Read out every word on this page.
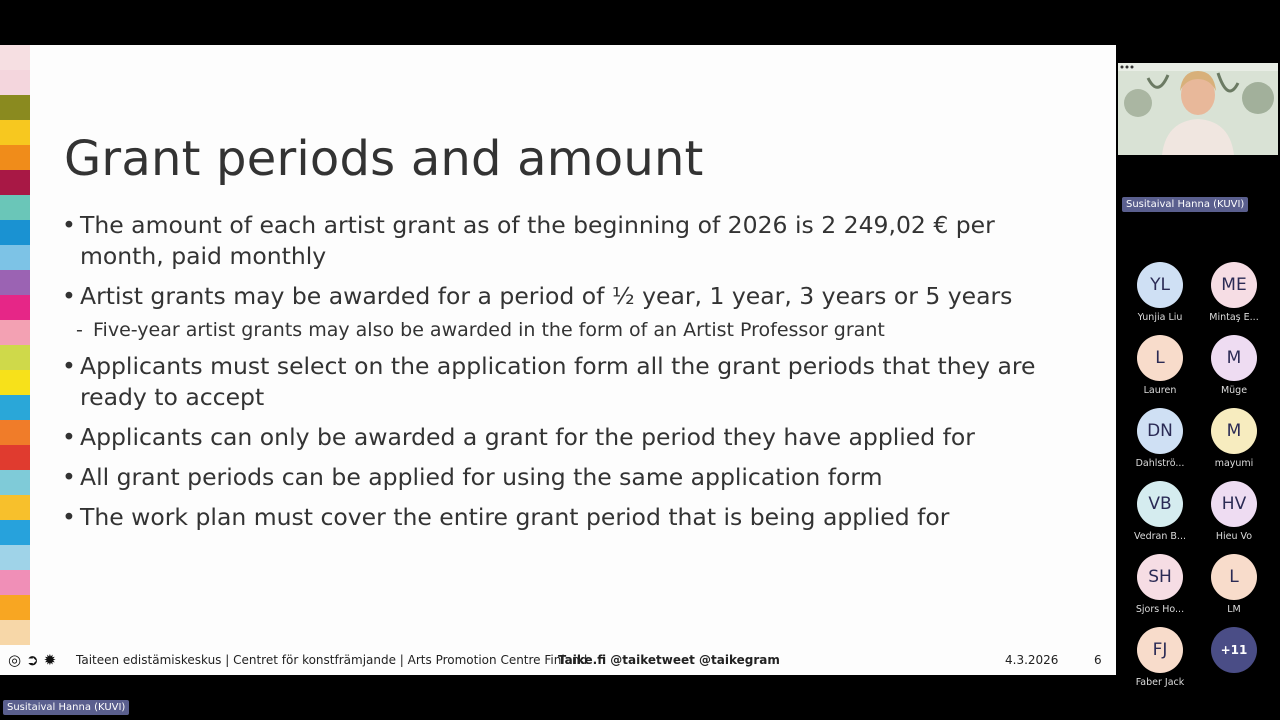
Grant periods and amount
• The amount of each artist grant as of the beginning of 2026 is 2 249,02 € per month, paid monthly
• Artist grants may be awarded for a period of ½ year, 1 year, 3 years or 5 years
- Five-year artist grants may also be awarded in the form of an Artist Professor grant
• Applicants must select on the application form all the grant periods that they are ready to accept
• Applicants can only be awarded a grant for the period they have applied for
• All grant periods can be applied for using the same application form
• The work plan must cover the entire grant period that is being applied for
◎ ➲ ✹ Taiteen edistämiskeskus | Centret för konstfrämjande | Arts Promotion Centre Finland
Taike.fi @taiketweet @taikegram	4.3.2026	6
Susitaival Hanna (KUVI)
YL
Yunjia Liu
ME
Mintaş E...
L
Lauren
M
Müge
DN
Dahlströ...
M
mayumi
VB
Vedran B...
HV
Hieu Vo
SH
Sjors Ho...
L
LM
FJ
Faber Jack
+11
Susitaival Hanna (KUVI)
